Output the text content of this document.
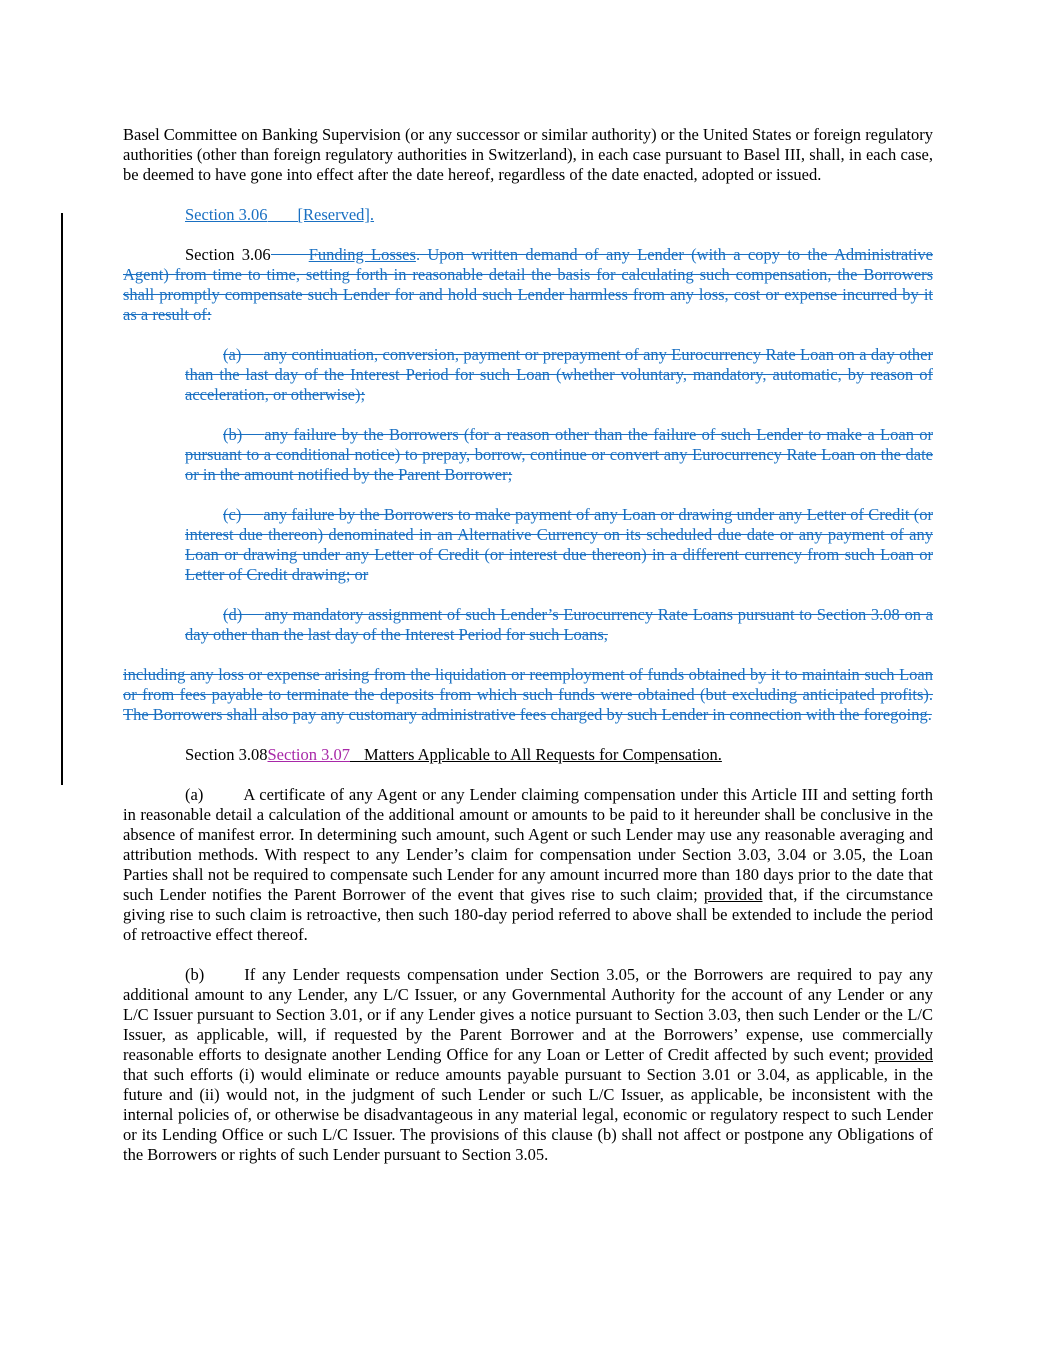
Basel Committee on Banking Supervision (or any successor or similar authority) or the United States or foreign regulatory authorities (other than foreign regulatory authorities in Switzerland), in each case pursuant to Basel III, shall, in each case, be deemed to have gone into effect after the date hereof, regardless of the date enacted, adopted or issued.

Section 3.06 [Reserved].

Section 3.06 Funding Losses. Upon written demand of any Lender (with a copy to the Administrative Agent) from time to time, setting forth in reasonable detail the basis for calculating such compensation, the Borrowers shall promptly compensate such Lender for and hold such Lender harmless from any loss, cost or expense incurred by it as a result of:

(a) any continuation, conversion, payment or prepayment of any Eurocurrency Rate Loan on a day other than the last day of the Interest Period for such Loan (whether voluntary, mandatory, automatic, by reason of acceleration, or otherwise);

(b) any failure by the Borrowers (for a reason other than the failure of such Lender to make a Loan or pursuant to a conditional notice) to prepay, borrow, continue or convert any Eurocurrency Rate Loan on the date or in the amount notified by the Parent Borrower;

(c) any failure by the Borrowers to make payment of any Loan or drawing under any Letter of Credit (or interest due thereon) denominated in an Alternative Currency on its scheduled due date or any payment of any Loan or drawing under any Letter of Credit (or interest due thereon) in a different currency from such Loan or Letter of Credit drawing; or

(d) any mandatory assignment of such Lender’s Eurocurrency Rate Loans pursuant to Section 3.08 on a day other than the last day of the Interest Period for such Loans,

including any loss or expense arising from the liquidation or reemployment of funds obtained by it to maintain such Loan or from fees payable to terminate the deposits from which such funds were obtained (but excluding anticipated profits). The Borrowers shall also pay any customary administrative fees charged by such Lender in connection with the foregoing.

Section 3.08Section 3.07 Matters Applicable to All Requests for Compensation.

(a) A certificate of any Agent or any Lender claiming compensation under this Article III and setting forth in reasonable detail a calculation of the additional amount or amounts to be paid to it hereunder shall be conclusive in the absence of manifest error. In determining such amount, such Agent or such Lender may use any reasonable averaging and attribution methods. With respect to any Lender’s claim for compensation under Section 3.03, 3.04 or 3.05, the Loan Parties shall not be required to compensate such Lender for any amount incurred more than 180 days prior to the date that such Lender notifies the Parent Borrower of the event that gives rise to such claim; provided that, if the circumstance giving rise to such claim is retroactive, then such 180-day period referred to above shall be extended to include the period of retroactive effect thereof.

(b) If any Lender requests compensation under Section 3.05, or the Borrowers are required to pay any additional amount to any Lender, any L/C Issuer, or any Governmental Authority for the account of any Lender or any L/C Issuer pursuant to Section 3.01, or if any Lender gives a notice pursuant to Section 3.03, then such Lender or the L/C Issuer, as applicable, will, if requested by the Parent Borrower and at the Borrowers’ expense, use commercially reasonable efforts to designate another Lending Office for any Loan or Letter of Credit affected by such event; provided that such efforts (i) would eliminate or reduce amounts payable pursuant to Section 3.01 or 3.04, as applicable, in the future and (ii) would not, in the judgment of such Lender or such L/C Issuer, as applicable, be inconsistent with the internal policies of, or otherwise be disadvantageous in any material legal, economic or regulatory respect to such Lender or its Lending Office or such L/C Issuer. The provisions of this clause (b) shall not affect or postpone any Obligations of the Borrowers or rights of such Lender pursuant to Section 3.05.
